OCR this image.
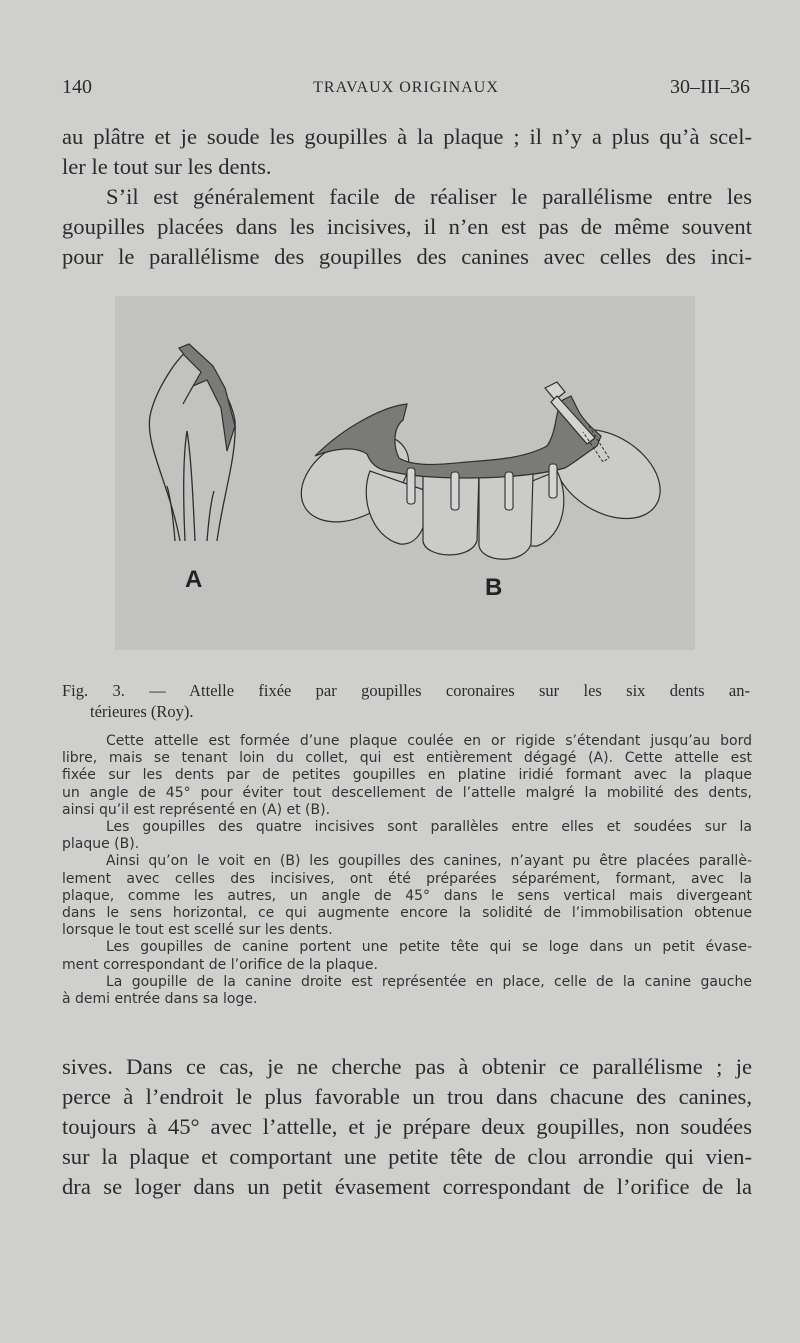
140	TRAVAUX ORIGINAUX	30–III–36
au plâtre et je soude les goupilles à la plaque ; il n’y a plus qu’à scel-
ler le tout sur les dents.
S’il est généralement facile de réaliser le parallélisme entre les
goupilles placées dans les incisives, il n’en est pas de même souvent
pour le parallélisme des goupilles des canines avec celles des inci-
A	B
Fig. 3. — Attelle fixée par goupilles coronaires sur les six dents an-
térieures (Roy).
Cette attelle est formée d’une plaque coulée en or rigide s’étendant jusqu’au bord
libre, mais se tenant loin du collet, qui est entièrement dégagé (A). Cette attelle est
fixée sur les dents par de petites goupilles en platine iridié formant avec la plaque
un angle de 45° pour éviter tout descellement de l’attelle malgré la mobilité des dents,
ainsi qu’il est représenté en (A) et (B).
Les goupilles des quatre incisives sont parallèles entre elles et soudées sur la
plaque (B).
Ainsi qu’on le voit en (B) les goupilles des canines, n’ayant pu être placées parallè-
lement avec celles des incisives, ont été préparées séparément, formant, avec la
plaque, comme les autres, un angle de 45° dans le sens vertical mais divergeant
dans le sens horizontal, ce qui augmente encore la solidité de l’immobilisation obtenue
lorsque le tout est scellé sur les dents.
Les goupilles de canine portent une petite tête qui se loge dans un petit évase-
ment correspondant de l’orifice de la plaque.
La goupille de la canine droite est représentée en place, celle de la canine gauche
à demi entrée dans sa loge.
sives. Dans ce cas, je ne cherche pas à obtenir ce parallélisme ; je
perce à l’endroit le plus favorable un trou dans chacune des canines,
toujours à 45° avec l’attelle, et je prépare deux goupilles, non soudées
sur la plaque et comportant une petite tête de clou arrondie qui vien-
dra se loger dans un petit évasement correspondant de l’orifice de la
